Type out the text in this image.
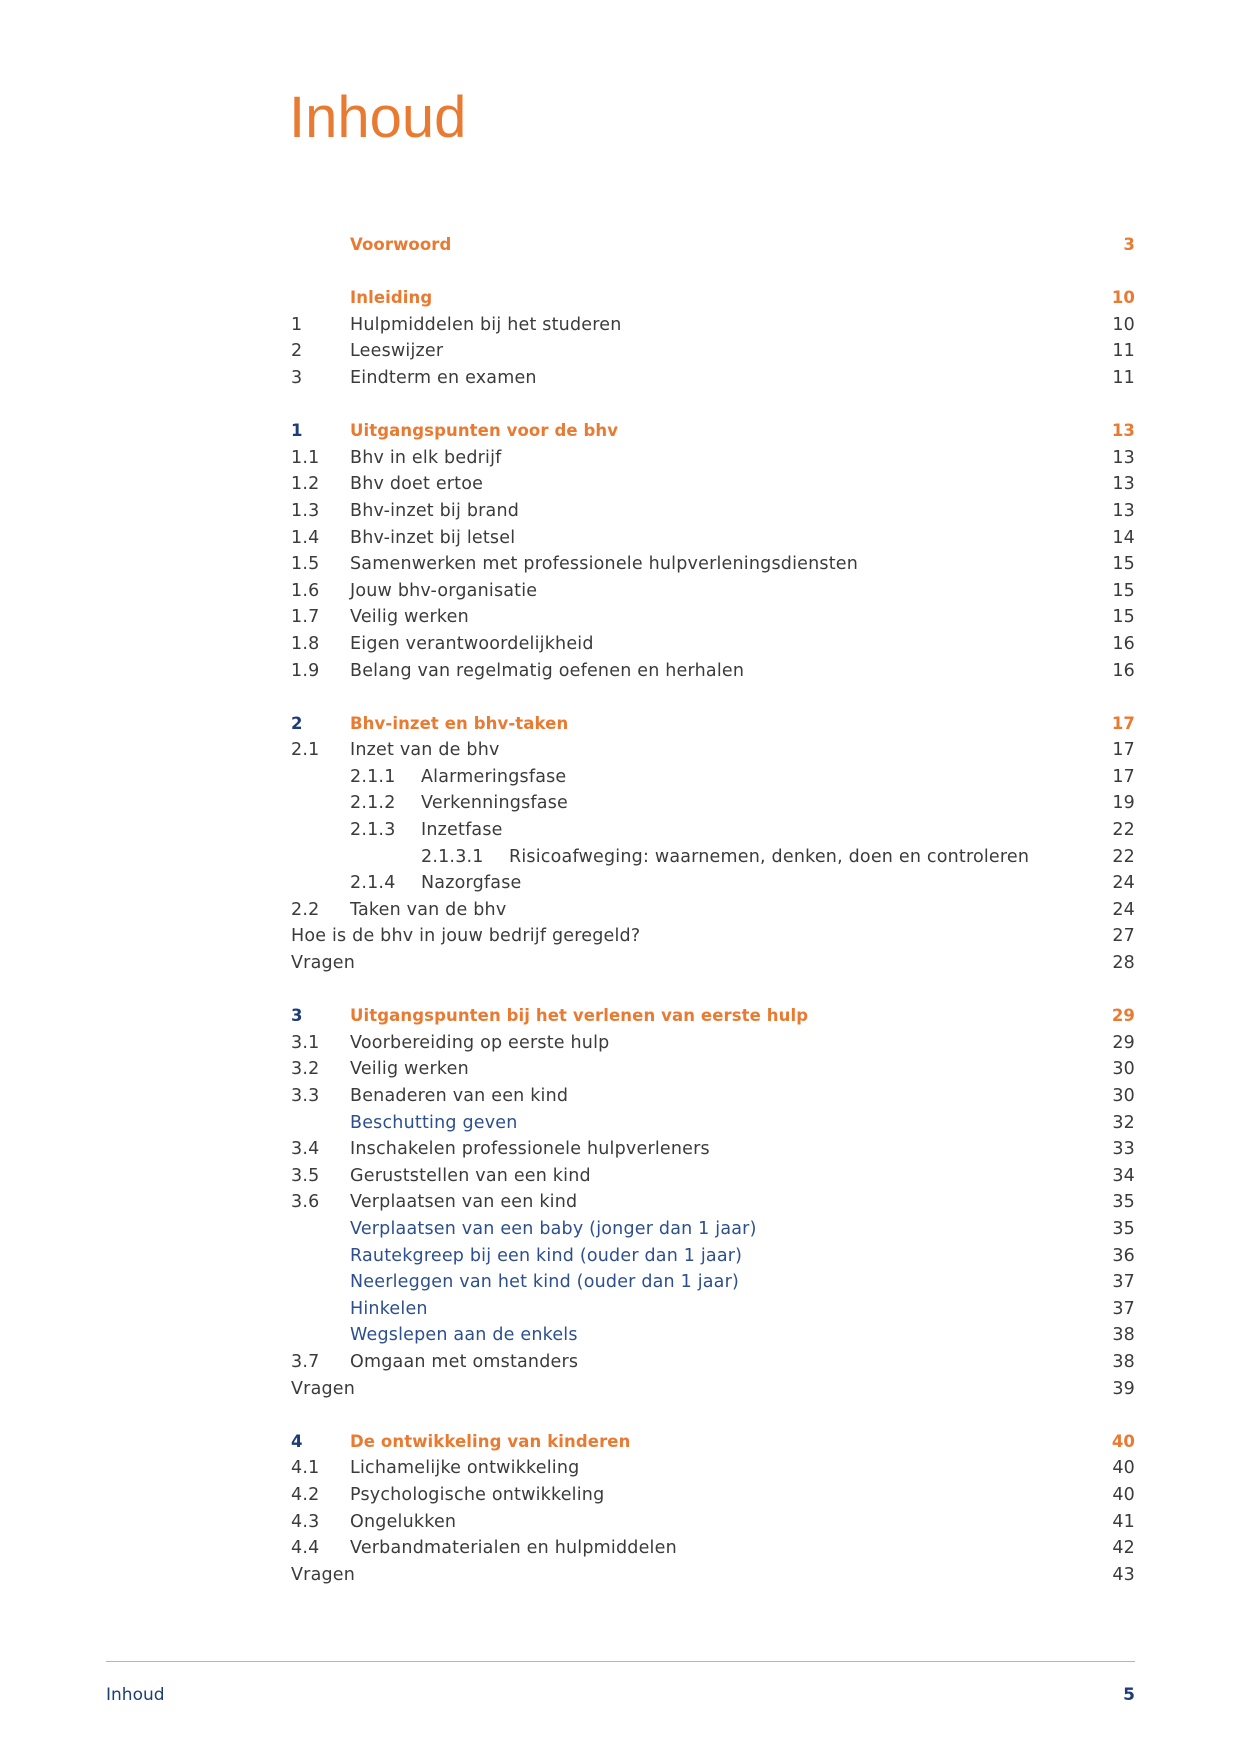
Inhoud
Voorwoord	3
Inleiding	10
1	Hulpmiddelen bij het studeren	10
2	Leeswijzer	11
3	Eindterm en examen	11
1	Uitgangspunten voor de bhv	13
1.1 Bhv in elk bedrijf	13
1.2 Bhv doet ertoe	13
1.3 Bhv-inzet bij brand	13
1.4 Bhv-inzet bij letsel	14
1.5 Samenwerken met professionele hulpverleningsdiensten	15
1.6 Jouw bhv-organisatie	15
1.7 Veilig werken	15
1.8 Eigen verantwoordelijkheid	16
1.9 Belang van regelmatig oefenen en herhalen	16
2	Bhv-inzet en bhv-taken	17
2.1 Inzet van de bhv	17
2.1.1 Alarmeringsfase	17
2.1.2 Verkenningsfase	19
2.1.3 Inzetfase	22
2.1.3.1 Risicoafweging: waarnemen, denken, doen en controleren	22
2.1.4 Nazorgfase	24
2.2 Taken van de bhv	24
Hoe is de bhv in jouw bedrijf geregeld?	27
Vragen	28
3	Uitgangspunten bij het verlenen van eerste hulp	29
3.1 Voorbereiding op eerste hulp	29
3.2 Veilig werken	30
3.3 Benaderen van een kind	30
Beschutting geven	32
3.4 Inschakelen professionele hulpverleners	33
3.5 Geruststellen van een kind	34
3.6 Verplaatsen van een kind	35
Verplaatsen van een baby (jonger dan 1 jaar)	35
Rautekgreep bij een kind (ouder dan 1 jaar)	36
Neerleggen van het kind (ouder dan 1 jaar)	37
Hinkelen	37
Wegslepen aan de enkels	38
3.7 Omgaan met omstanders	38
Vragen	39
4	De ontwikkeling van kinderen	40
4.1 Lichamelijke ontwikkeling	40
4.2 Psychologische ontwikkeling	40
4.3 Ongelukken	41
4.4 Verbandmaterialen en hulpmiddelen	42
Vragen	43
Inhoud	5
